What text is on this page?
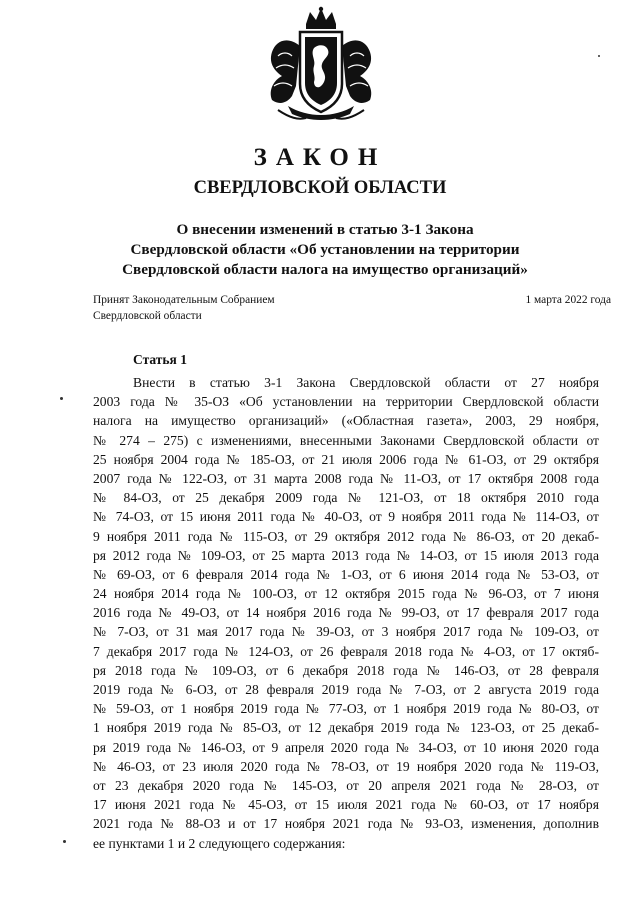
ЗАКОН
СВЕРДЛОВСКОЙ ОБЛАСТИ
О внесении изменений в статью 3-1 Закона
Свердловской области «Об установлении на территории
Свердловской области налога на имущество организаций»
Принят Законодательным Собранием
Свердловской области
1 марта 2022 года
Статья 1
Внести в статью 3-1 Закона Свердловской области от 27 ноября
2003 года № 35-ОЗ «Об установлении на территории Свердловской области
налога на имущество организаций» («Областная газета», 2003, 29 ноября,
№ 274 – 275) с изменениями, внесенными Законами Свердловской области от
25 ноября 2004 года № 185-ОЗ, от 21 июля 2006 года № 61-ОЗ, от 29 октября
2007 года № 122-ОЗ, от 31 марта 2008 года № 11-ОЗ, от 17 октября 2008 года
№ 84-ОЗ, от 25 декабря 2009 года № 121-ОЗ, от 18 октября 2010 года
№ 74-ОЗ, от 15 июня 2011 года № 40-ОЗ, от 9 ноября 2011 года № 114-ОЗ, от
9 ноября 2011 года № 115-ОЗ, от 29 октября 2012 года № 86-ОЗ, от 20 декаб-
ря 2012 года № 109-ОЗ, от 25 марта 2013 года № 14-ОЗ, от 15 июля 2013 года
№ 69-ОЗ, от 6 февраля 2014 года № 1-ОЗ, от 6 июня 2014 года № 53-ОЗ, от
24 ноября 2014 года № 100-ОЗ, от 12 октября 2015 года № 96-ОЗ, от 7 июня
2016 года № 49-ОЗ, от 14 ноября 2016 года № 99-ОЗ, от 17 февраля 2017 года
№ 7-ОЗ, от 31 мая 2017 года № 39-ОЗ, от 3 ноября 2017 года № 109-ОЗ, от
7 декабря 2017 года № 124-ОЗ, от 26 февраля 2018 года № 4-ОЗ, от 17 октяб-
ря 2018 года № 109-ОЗ, от 6 декабря 2018 года № 146-ОЗ, от 28 февраля
2019 года № 6-ОЗ, от 28 февраля 2019 года № 7-ОЗ, от 2 августа 2019 года
№ 59-ОЗ, от 1 ноября 2019 года № 77-ОЗ, от 1 ноября 2019 года № 80-ОЗ, от
1 ноября 2019 года № 85-ОЗ, от 12 декабря 2019 года № 123-ОЗ, от 25 декаб-
ря 2019 года № 146-ОЗ, от 9 апреля 2020 года № 34-ОЗ, от 10 июня 2020 года
№ 46-ОЗ, от 23 июля 2020 года № 78-ОЗ, от 19 ноября 2020 года № 119-ОЗ,
от 23 декабря 2020 года № 145-ОЗ, от 20 апреля 2021 года № 28-ОЗ, от
17 июня 2021 года № 45-ОЗ, от 15 июля 2021 года № 60-ОЗ, от 17 ноября
2021 года № 88-ОЗ и от 17 ноября 2021 года № 93-ОЗ, изменения, дополнив
ее пунктами 1 и 2 следующего содержания:
